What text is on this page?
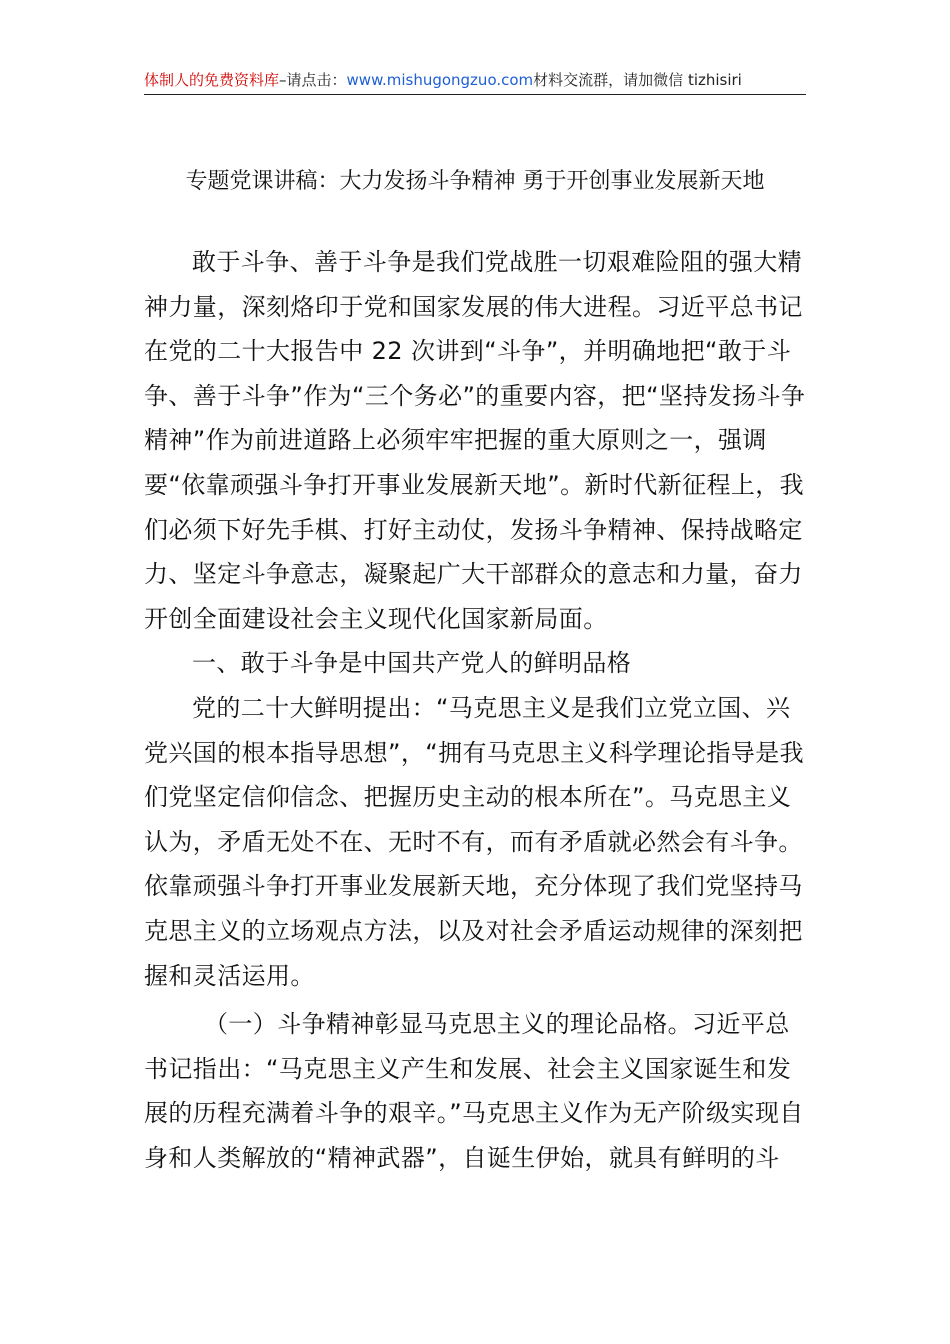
体制人的免费资料库–请点击：www.mishugongzuo.com材料交流群，请加微信 tizhisiri
专题党课讲稿：大力发扬斗争精神 勇于开创事业发展新天地

敢于斗争、善于斗争是我们党战胜一切艰难险阻的强大精神力量，深刻烙印于党和国家发展的伟大进程。习近平总书记在党的二十大报告中 22 次讲到“斗争”，并明确地把“敢于斗争、善于斗争”作为“三个务必”的重要内容，把“坚持发扬斗争精神”作为前进道路上必须牢牢把握的重大原则之一，强调要“依靠顽强斗争打开事业发展新天地”。新时代新征程上，我们必须下好先手棋、打好主动仗，发扬斗争精神、保持战略定力、坚定斗争意志，凝聚起广大干部群众的意志和力量，奋力开创全面建设社会主义现代化国家新局面。

一、敢于斗争是中国共产党人的鲜明品格

党的二十大鲜明提出：“马克思主义是我们立党立国、兴党兴国的根本指导思想”，“拥有马克思主义科学理论指导是我们党坚定信仰信念、把握历史主动的根本所在”。马克思主义认为，矛盾无处不在、无时不有，而有矛盾就必然会有斗争。依靠顽强斗争打开事业发展新天地，充分体现了我们党坚持马克思主义的立场观点方法，以及对社会矛盾运动规律的深刻把握和灵活运用。

（一）斗争精神彰显马克思主义的理论品格。习近平总书记指出：“马克思主义产生和发展、社会主义国家诞生和发展的历程充满着斗争的艰辛。”马克思主义作为无产阶级实现自身和人类解放的“精神武器”，自诞生伊始，就具有鲜明的斗
